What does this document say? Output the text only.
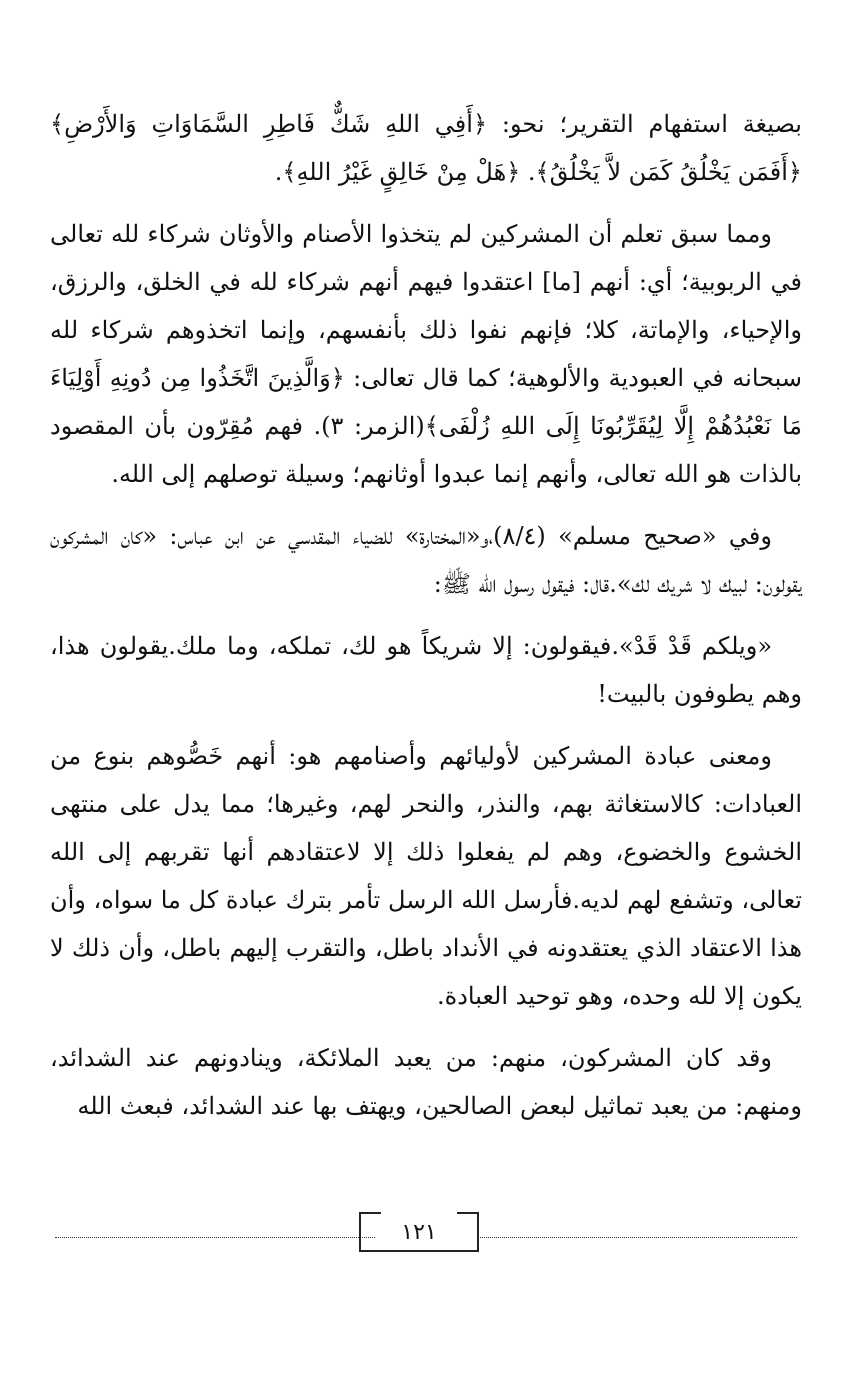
بصيغة استفهام التقرير؛ نحو: ﴿أَفِي اللهِ شَكٌّ فَاطِرِ السَّمَاوَاتِ وَالأَرْضِ﴾ ﴿أَفَمَن يَخْلُقُ كَمَن لاَّ يَخْلُقُ﴾. ﴿هَلْ مِنْ خَالِقٍ غَيْرُ اللهِ﴾.

ومما سبق تعلم أن المشركين لم يتخذوا الأصنام والأوثان شركاء لله تعالى في الربوبية؛ أي: أنهم [ما] اعتقدوا فيهم أنهم شركاء لله في الخلق، والرزق، والإحياء، والإماتة، كلا؛ فإنهم نفوا ذلك بأنفسهم، وإنما اتخذوهم شركاء لله سبحانه في العبودية والألوهية؛ كما قال تعالى: ﴿وَالَّذِينَ اتَّخَذُوا مِن دُونِهِ أَوْلِيَاءَ مَا نَعْبُدُهُمْ إِلَّا لِيُقَرِّبُونَا إِلَى اللهِ زُلْفَى﴾(الزمر: ٣). فهم مُقِرّون بأن المقصود بالذات هو الله تعالى، وأنهم إنما عبدوا أوثانهم؛ وسيلة توصلهم إلى الله.

وفي «صحيح مسلم» (٨/٤)،و«المختارة» للضياء المقدسي عن ابن عباس: «كان المشركون يقولون: لبيك لا شريك لك».قال: فيقول رسول الله ﷺ:

«ويلكم قَدْ قَدْ».فيقولون: إلا شريكاً هو لك، تملكه، وما ملك.يقولون هذا، وهم يطوفون بالبيت!

ومعنى عبادة المشركين لأوليائهم وأصنامهم هو: أنهم خَصُّوهم بنوع من العبادات: كالاستغاثة بهم، والنذر، والنحر لهم، وغيرها؛ مما يدل على منتهى الخشوع والخضوع، وهم لم يفعلوا ذلك إلا لاعتقادهم أنها تقربهم إلى الله تعالى، وتشفع لهم لديه.فأرسل الله الرسل تأمر بترك عبادة كل ما سواه، وأن هذا الاعتقاد الذي يعتقدونه في الأنداد باطل، والتقرب إليهم باطل، وأن ذلك لا يكون إلا لله وحده، وهو توحيد العبادة.

وقد كان المشركون، منهم: من يعبد الملائكة، وينادونهم عند الشدائد، ومنهم: من يعبد تماثيل لبعض الصالحين، ويهتف بها عند الشدائد، فبعث الله

١٢١
